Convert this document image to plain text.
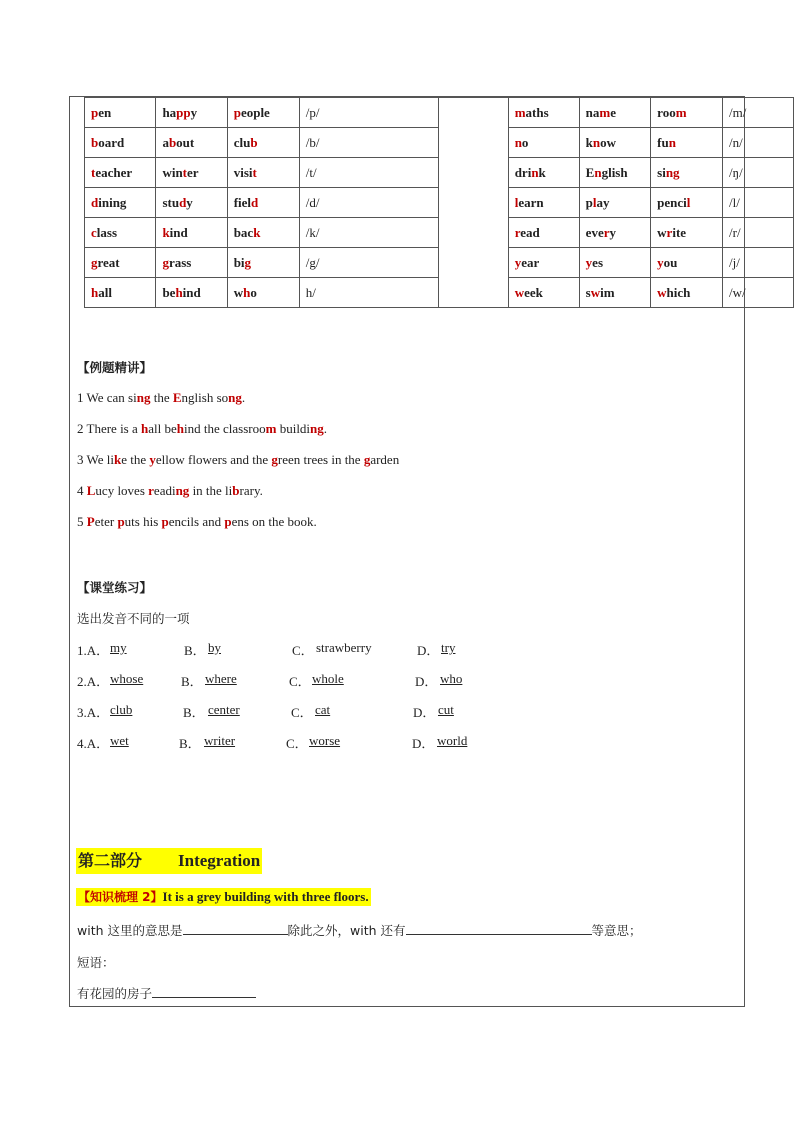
pen	happy	people	/p/		maths	name	room	/m/
board	about	club	/b/		no	know	fun	/n/
teacher	winter	visit	/t/		drink	English	sing	/ŋ/
dining	study	field	/d/		learn	play	pencil	/l/
class	kind	back	/k/		read	every	write	/r/
great	grass	big	/g/		year	yes	you	/j/
hall	behind	who	h/		week	swim	which	/w/
【例题精讲】
1 We can sing the English song.
2 There is a hall behind the classroom building.
3 We like the yellow flowers and the green trees in the garden
4 Lucy loves reading in the library.
5 Peter puts his pencils and pens on the book.
【课堂练习】
选出发音不同的一项
1.A． my	B． by	C． strawberry	D． try
2.A． whose	B． where	C． whole	D． who
3.A． club	B． center	C． cat	D． cut
4.A． wet	B． writer	C． worse	D． world
第二部分 Integration
【知识梳理 2】It is a grey building with three floors.
with 这里的意思是	除此之外，with 还有	等意思；
短语：
有花园的房子
